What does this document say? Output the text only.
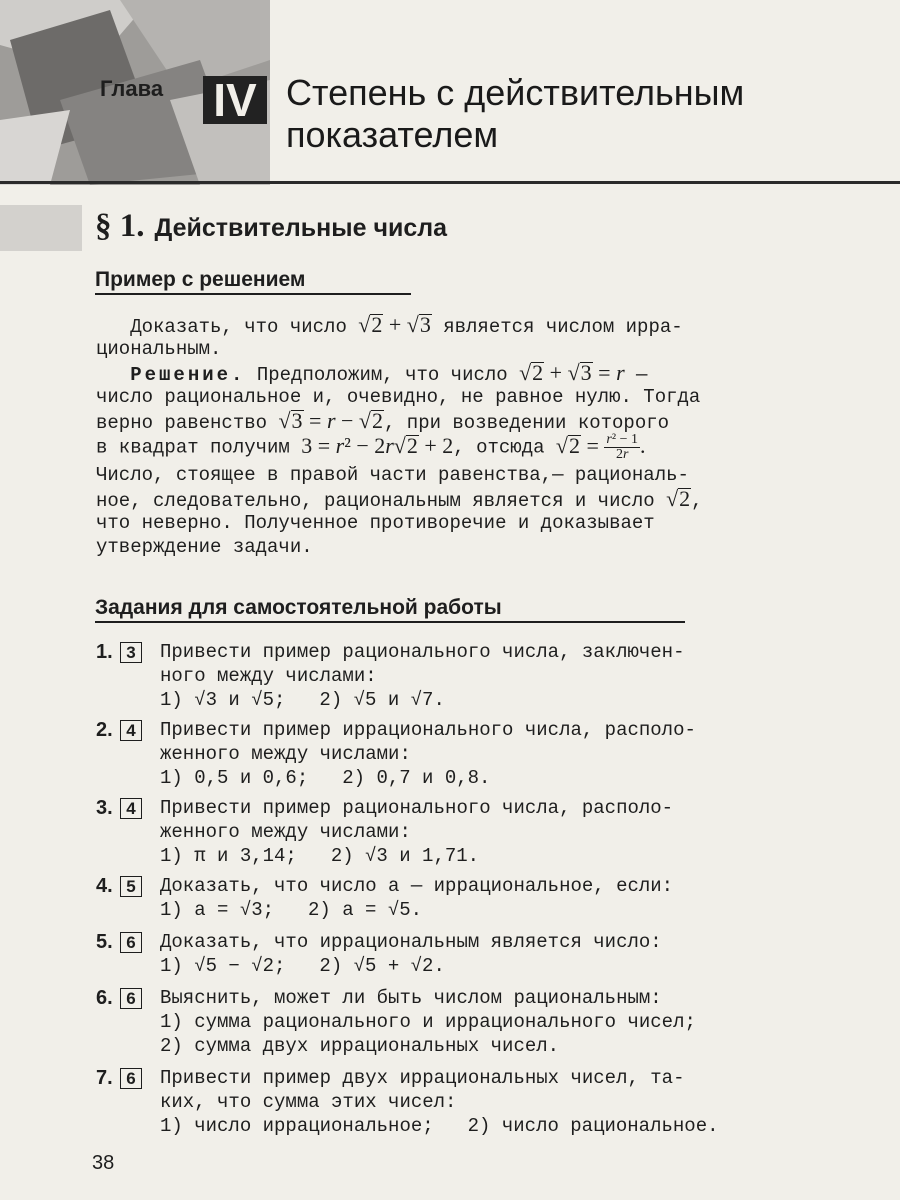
Глава IV Степень с действительным
показателем
§ 1. Действительные числа
Пример с решением
Доказать, что число √2 + √3 является числом ирра-
циональным.
Решение. Предположим, что число √2 + √3 = r —
число рациональное и, очевидно, не равное нулю. Тогда
верно равенство √3 = r − √2, при возведении которого
в квадрат получим 3 = r² − 2r√2 + 2, отсюда $√2 = \frac{\text{r² − 1}}{2r}$ .
Число, стоящее в правой части равенства,— рациональ-
ное, следовательно, рациональным является и число √2,
что неверно. Полученное противоречие и доказывает
утверждение задачи.
Задания для самостоятельной работы
1. 3	Привести пример рационального числа, заключен-
ного между числами:
1) √3 и √5; 2) √5 и √7.
2. 4	Привести пример иррационального числа, располо-
женного между числами:
1) 0,5 и 0,6; 2) 0,7 и 0,8.
3. 4	Привести пример рационального числа, располо-
женного между числами:
1) π и 3,14; 2) √3 и 1,71.
4. 5	Доказать, что число a — иррациональное, если:
1) a = √3; 2) a = √5.
5. 6	Доказать, что иррациональным является число:
1) √5 − √2; 2) √5 + √2.
6. 6	Выяснить, может ли быть числом рациональным:
1) сумма рационального и иррационального чисел;
2) сумма двух иррациональных чисел.
7. 6	Привести пример двух иррациональных чисел, та-
ких, что сумма этих чисел:
1) число иррациональное; 2) число рациональное.
38
